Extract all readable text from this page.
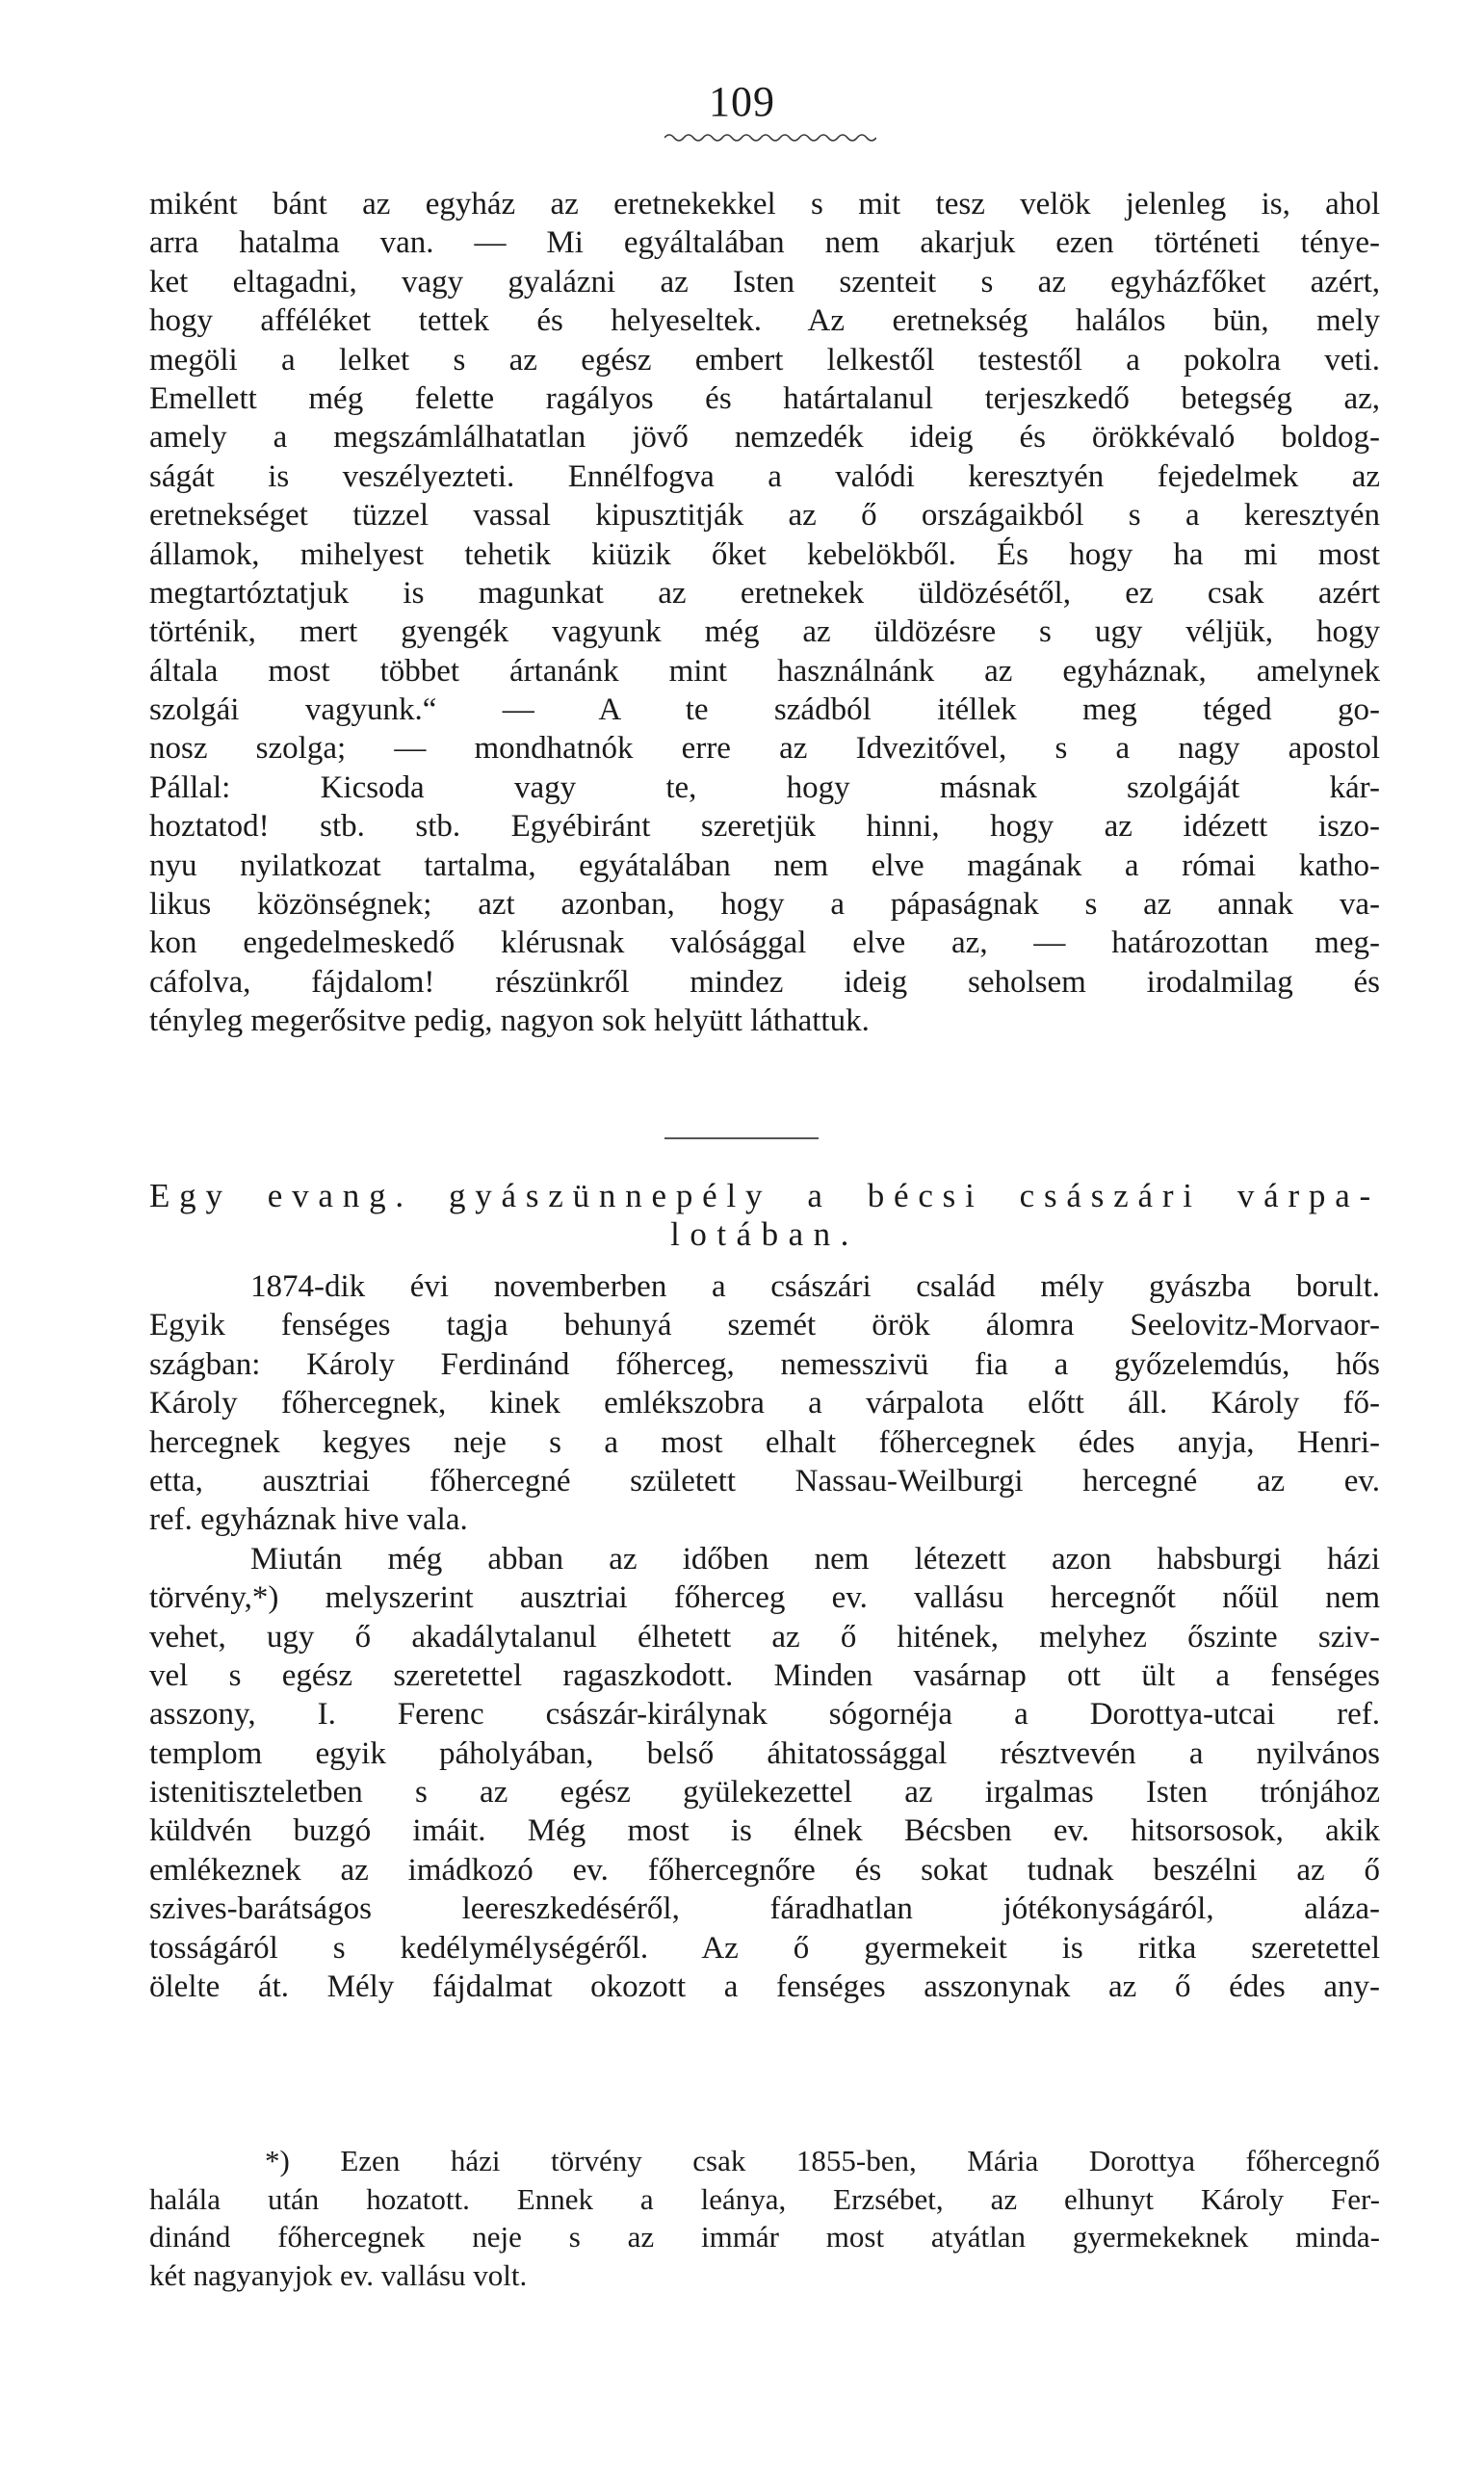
109
miként bánt az egyház az eretnekekkel s mit tesz velök jelenleg is, ahol
arra hatalma van. — Mi egyáltalában nem akarjuk ezen történeti ténye-
ket eltagadni, vagy gyalázni az Isten szenteit s az egyházfőket azért,
hogy afféléket tettek és helyeseltek. Az eretnekség halálos bün, mely
megöli a lelket s az egész embert lelkestől testestől a pokolra veti.
Emellett még felette ragályos és határtalanul terjeszkedő betegség az,
amely a megszámlálhatatlan jövő nemzedék ideig és örökkévaló boldog-
ságát is veszélyezteti. Ennélfogva a valódi keresztyén fejedelmek az
eretnekséget tüzzel vassal kipusztitják az ő országaikból s a keresztyén
államok, mihelyest tehetik kiüzik őket kebelökből. És hogy ha mi most
megtartóztatjuk is magunkat az eretnekek üldözésétől, ez csak azért
történik, mert gyengék vagyunk még az üldözésre s ugy véljük, hogy
általa most többet ártanánk mint használnánk az egyháznak, amelynek
szolgái vagyunk.“ — A te szádból itéllek meg téged go-
nosz szolga; — mondhatnók erre az Idvezitővel, s a nagy apostol
Pállal: Kicsoda vagy te, hogy másnak szolgáját kár-
hoztatod! stb. stb. Egyébiránt szeretjük hinni, hogy az idézett iszo-
nyu nyilatkozat tartalma, egyátalában nem elve magának a római katho-
likus közönségnek; azt azonban, hogy a pápaságnak s az annak va-
kon engedelmeskedő klérusnak valósággal elve az, — határozottan meg-
cáfolva, fájdalom! részünkről mindez ideig seholsem irodalmilag és
tényleg megerősitve pedig, nagyon sok helyütt láthattuk.
Egy evang. gyászünnepély a bécsi császári várpa-
lotában.
1874-dik évi novemberben a császári család mély gyászba borult.
Egyik fenséges tagja behunyá szemét örök álomra Seelovitz-Morvaor-
szágban: Károly Ferdinánd főherceg, nemesszivü fia a győzelemdús, hős
Károly főhercegnek, kinek emlékszobra a várpalota előtt áll. Károly fő-
hercegnek kegyes neje s a most elhalt főhercegnek édes anyja, Henri-
etta, ausztriai főhercegné született Nassau-Weilburgi hercegné az ev.
ref. egyháznak hive vala.
Miután még abban az időben nem létezett azon habsburgi házi
törvény,*) melyszerint ausztriai főherceg ev. vallásu hercegnőt nőül nem
vehet, ugy ő akadálytalanul élhetett az ő hitének, melyhez őszinte sziv-
vel s egész szeretettel ragaszkodott. Minden vasárnap ott ült a fenséges
asszony, I. Ferenc császár-királynak sógornéja a Dorottya-utcai ref.
templom egyik páholyában, belső áhitatossággal résztvevén a nyilvános
istenitiszteletben s az egész gyülekezettel az irgalmas Isten trónjához
küldvén buzgó imáit. Még most is élnek Bécsben ev. hitsorsosok, akik
emlékeznek az imádkozó ev. főhercegnőre és sokat tudnak beszélni az ő
szives-barátságos leereszkedéséről, fáradhatlan jótékonyságáról, aláza-
tosságáról s kedélymélységéről. Az ő gyermekeit is ritka szeretettel
ölelte át. Mély fájdalmat okozott a fenséges asszonynak az ő édes any-
*) Ezen házi törvény csak 1855-ben, Mária Dorottya főhercegnő
halála után hozatott. Ennek a leánya, Erzsébet, az elhunyt Károly Fer-
dinánd főhercegnek neje s az immár most atyátlan gyermekeknek minda-
két nagyanyjok ev. vallásu volt.
